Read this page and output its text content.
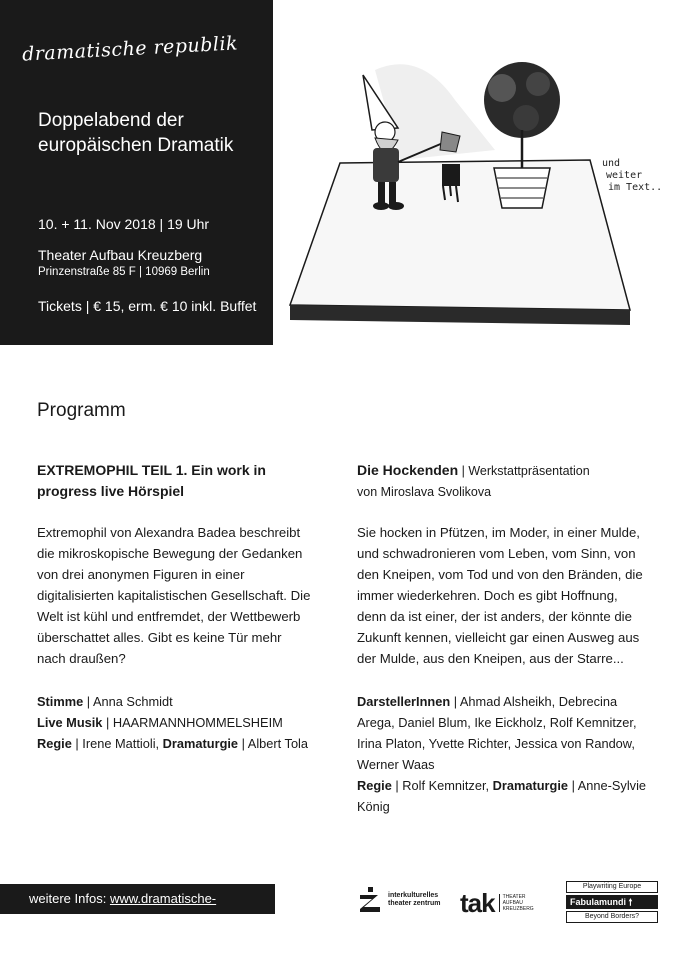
dramatische republik
Doppelabend der europäischen Dramatik
10. + 11. Nov 2018 | 19 Uhr
Theater Aufbau Kreuzberg
Prinzenstraße 85 F | 10969 Berlin
Tickets | € 15, erm. € 10 inkl. Buffet
und
weiter
im Text..
Programm

EXTREMOPHIL TEIL 1. Ein work in progress live Hörspiel

Extremophil von Alexandra Badea beschreibt die mikroskopische Bewegung der Gedanken von drei anonymen Figuren in einer digitalisierten kapitalistischen Gesellschaft. Die Welt ist kühl und entfremdet, der Wettbewerb überschattet alles. Gibt es keine Tür mehr nach draußen?

Stimme | Anna Schmidt
Live Musik | HAARMANNHOMMELSHEIM
Regie | Irene Mattioli, Dramaturgie | Albert Tola

Die Hockenden | Werkstattpräsentation

von Miroslava Svolikova

Sie hocken in Pfützen, im Moder, in einer Mulde, und schwadronieren vom Leben, vom Sinn, von den Kneipen, vom Tod und von den Bränden, die immer wiederkehren. Doch es gibt Hoffnung, denn da ist einer, der ist anders, der könnte die Zukunft kennen, vielleicht gar einen Ausweg aus der Mulde, aus den Kneipen, aus der Starre...

DarstellerInnen | Ahmad Alsheikh, Debrecina Arega, Daniel Blum, Ike Eickholz, Rolf Kemnitzer, Irina Platon, Yvette Richter, Jessica von Randow, Werner Waas
Regie | Rolf Kemnitzer, Dramaturgie | Anne-Sylvie König

weitere Infos: www.dramatische-republik.de
interkulturelles
theater zentrum tak THEATER
AUFBAU
KREUZBERG
Playwriting Europe
Fabulamundi 🠕
Beyond Borders?
